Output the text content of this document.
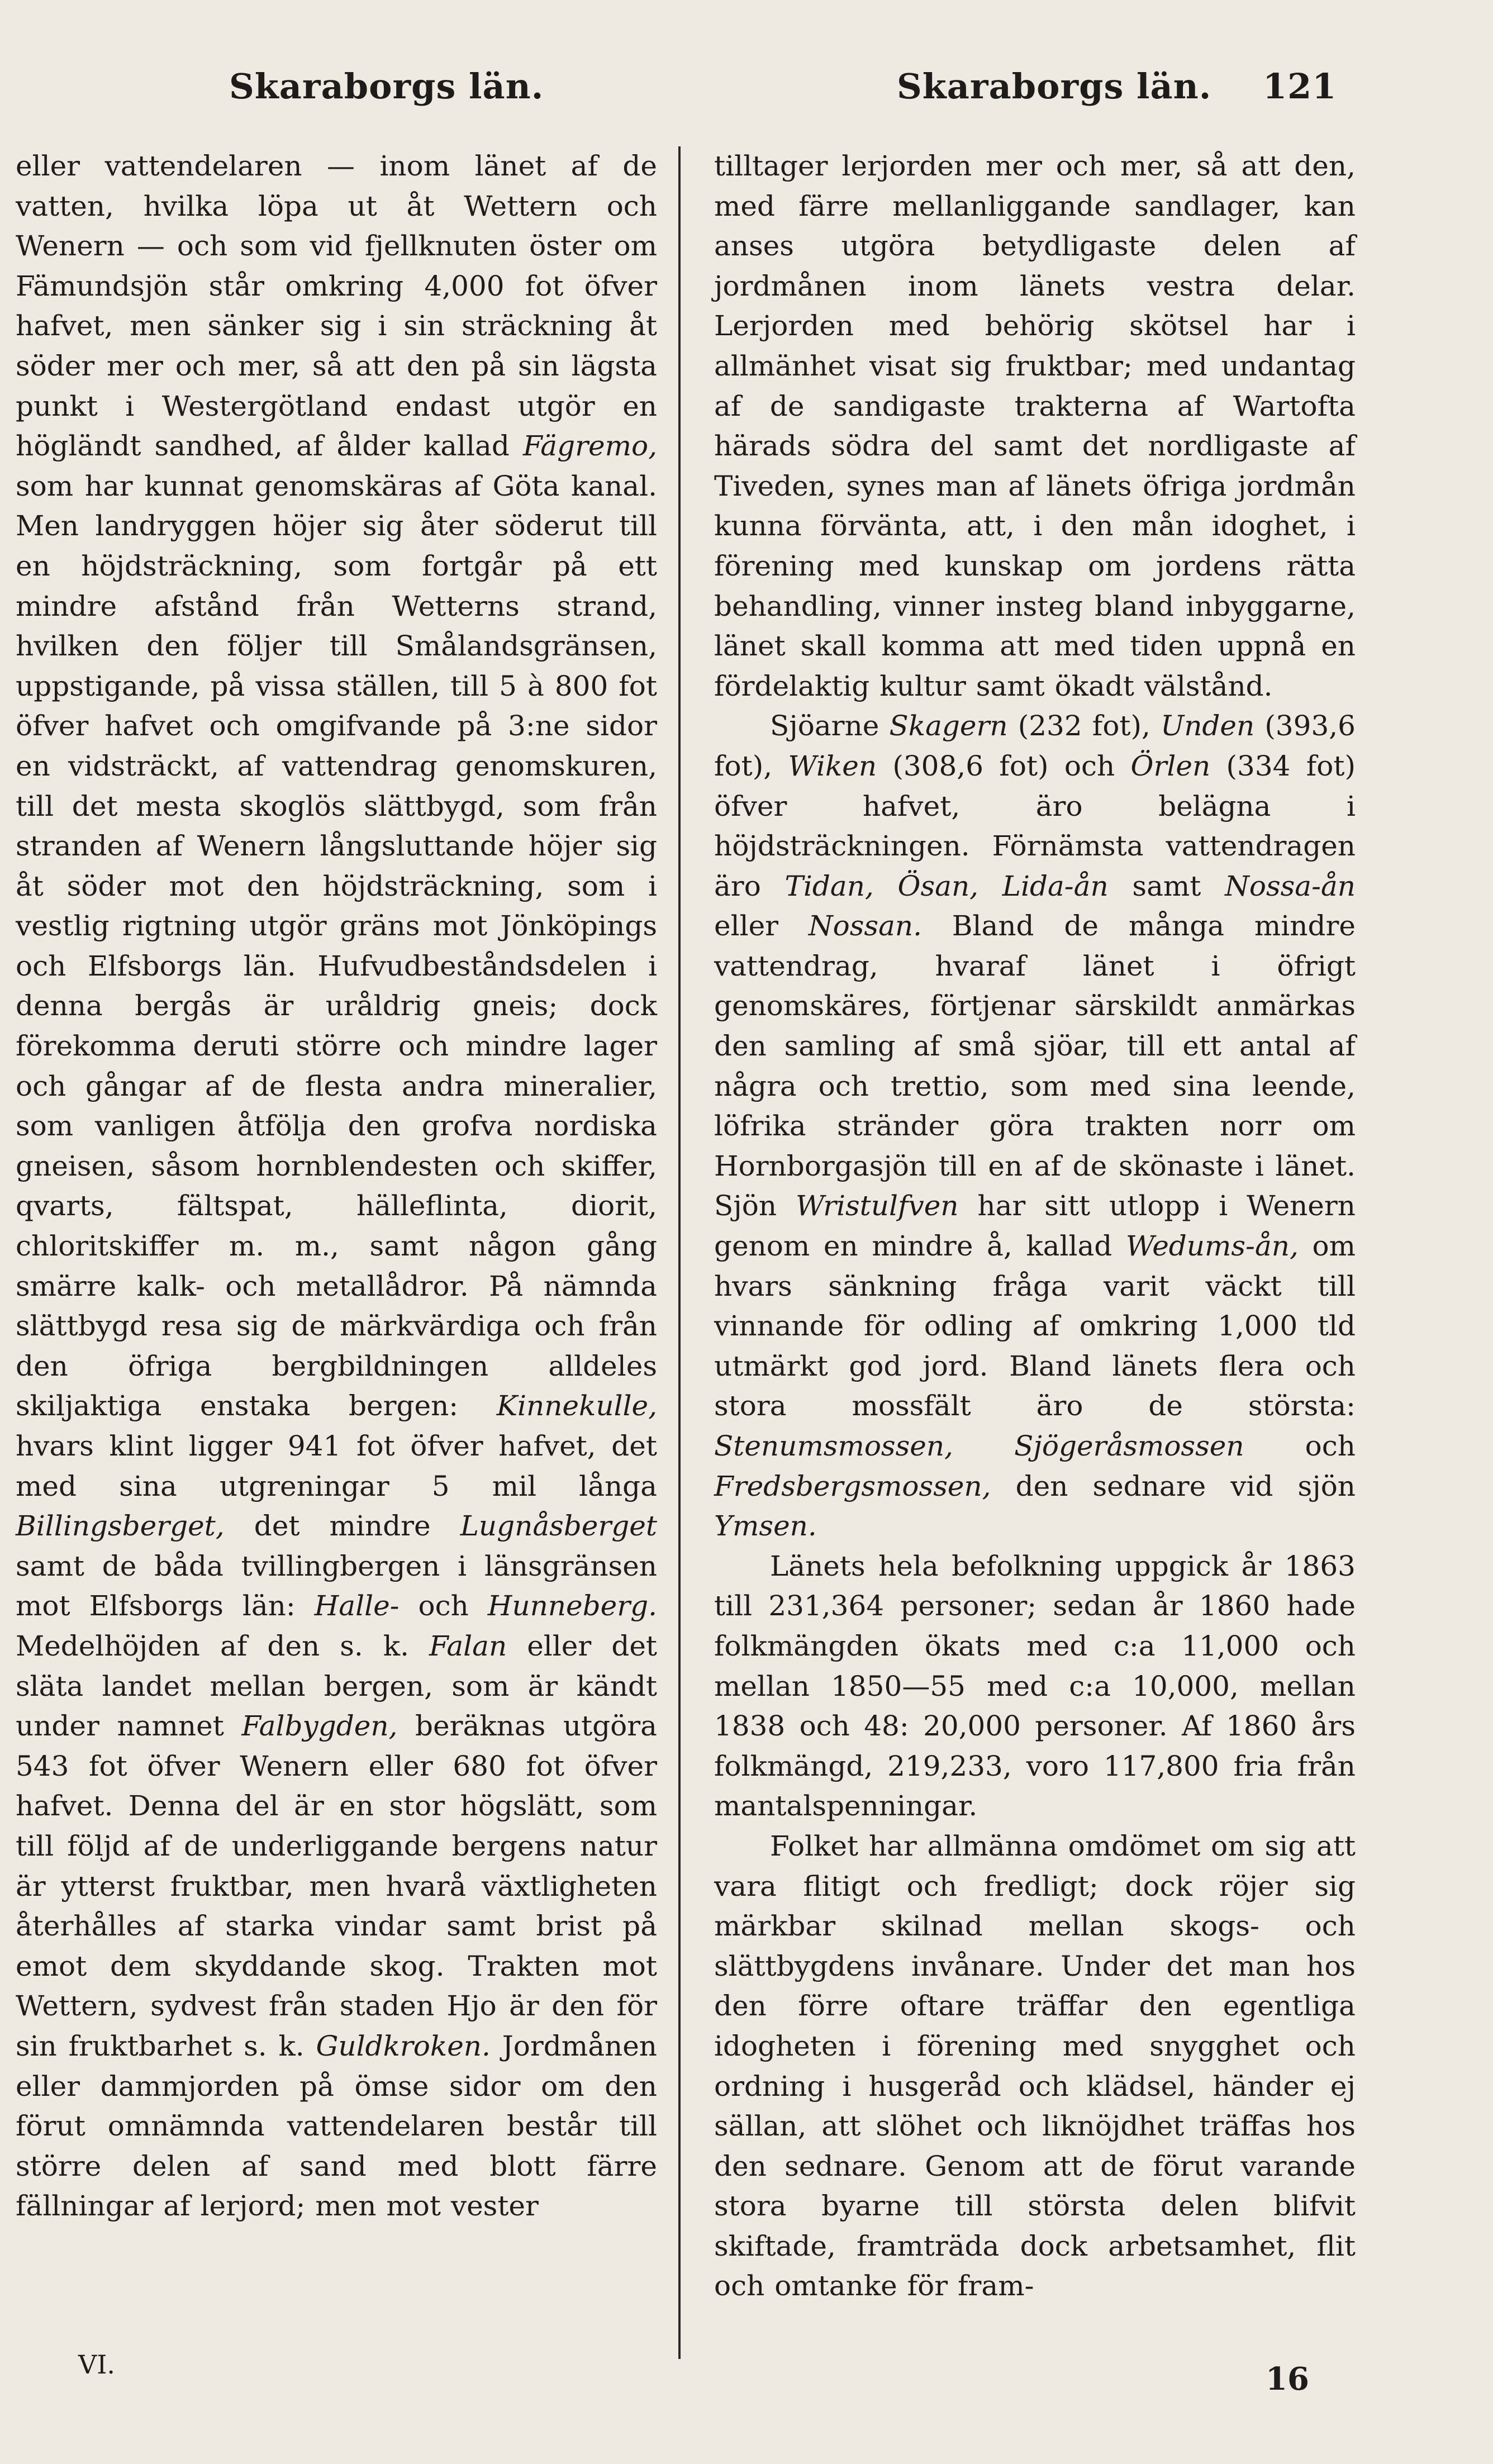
Skaraborgs län.	Skaraborgs län. 121

eller vattendelaren — inom länet af de vatten, hvilka löpa ut åt Wettern och Wenern — och som vid fjellknuten öster om Fämundsjön står omkring 4,000 fot öfver hafvet, men sänker sig i sin sträckning åt söder mer och mer, så att den på sin lägsta punkt i Westergötland endast utgör en högländt sandhed, af ålder kallad Fägremo, som har kunnat genomskäras af Göta kanal. Men landryggen höjer sig åter söderut till en höjdsträckning, som fortgår på ett mindre afstånd från Wetterns strand, hvilken den följer till Smålandsgränsen, uppstigande, på vissa ställen, till 5 à 800 fot öfver hafvet och omgifvande på 3:ne sidor en vidsträckt, af vattendrag genomskuren, till det mesta skoglös slättbygd, som från stranden af Wenern långsluttande höjer sig åt söder mot den höjdsträckning, som i vestlig rigtning utgör gräns mot Jönköpings och Elfsborgs län. Hufvudbeståndsdelen i denna bergås är uråldrig gneis; dock förekomma deruti större och mindre lager och gångar af de flesta andra mineralier, som vanligen åtfölja den grofva nordiska gneisen, såsom hornblendesten och skiffer, qvarts, fältspat, hälleflinta, diorit, chloritskiffer m. m., samt någon gång smärre kalk- och metallådror. På nämnda slättbygd resa sig de märkvärdiga och från den öfriga bergbildningen alldeles skiljaktiga enstaka bergen: Kinnekulle, hvars klint ligger 941 fot öfver hafvet, det med sina utgreningar 5 mil långa Billingsberget, det mindre Lugnåsberget samt de båda tvillingbergen i länsgränsen mot Elfsborgs län: Halle- och Hunneberg. Medelhöjden af den s. k. Falan eller det släta landet mellan bergen, som är kändt under namnet Falbygden, beräknas utgöra 543 fot öfver Wenern eller 680 fot öfver hafvet. Denna del är en stor högslätt, som till följd af de underliggande bergens natur är ytterst fruktbar, men hvarå växtligheten återhålles af starka vindar samt brist på emot dem skyddande skog. Trakten mot Wettern, sydvest från staden Hjo är den för sin fruktbarhet s. k. Guldkroken. Jordmånen eller dammjorden på ömse sidor om den förut omnämnda vattendelaren består till större delen af sand med blott färre fällningar af lerjord; men mot vester

tilltager lerjorden mer och mer, så att den, med färre mellanliggande sandlager, kan anses utgöra betydligaste delen af jordmånen inom länets vestra delar. Lerjorden med behörig skötsel har i allmänhet visat sig fruktbar; med undantag af de sandigaste trakterna af Wartofta härads södra del samt det nordligaste af Tiveden, synes man af länets öfriga jordmån kunna förvänta, att, i den mån idoghet, i förening med kunskap om jordens rätta behandling, vinner insteg bland inbyggarne, länet skall komma att med tiden uppnå en fördelaktig kultur samt ökadt välstånd.

Sjöarne Skagern (232 fot), Unden (393,6 fot), Wiken (308,6 fot) och Örlen (334 fot) öfver hafvet, äro belägna i höjdsträckningen. Förnämsta vattendragen äro Tidan, Ösan, Lida-ån samt Nossa-ån eller Nossan. Bland de många mindre vattendrag, hvaraf länet i öfrigt genomskäres, förtjenar särskildt anmärkas den samling af små sjöar, till ett antal af några och trettio, som med sina leende, löfrika stränder göra trakten norr om Hornborgasjön till en af de skönaste i länet. Sjön Wristulfven har sitt utlopp i Wenern genom en mindre å, kallad Wedums-ån, om hvars sänkning fråga varit väckt till vinnande för odling af omkring 1,000 tld utmärkt god jord. Bland länets flera och stora mossfält äro de största: Stenumsmossen, Sjögeråsmossen och Fredsbergsmossen, den sednare vid sjön Ymsen.

Länets hela befolkning uppgick år 1863 till 231,364 personer; sedan år 1860 hade folkmängden ökats med c:a 11,000 och mellan 1850—55 med c:a 10,000, mellan 1838 och 48: 20,000 personer. Af 1860 års folkmängd, 219,233, voro 117,800 fria från mantalspenningar.

Folket har allmänna omdömet om sig att vara flitigt och fredligt; dock röjer sig märkbar skilnad mellan skogs- och slättbygdens invånare. Under det man hos den förre oftare träffar den egentliga idogheten i förening med snygghet och ordning i husgeråd och klädsel, händer ej sällan, att slöhet och liknöjdhet träffas hos den sednare. Genom att de förut varande stora byarne till största delen blifvit skiftade, framträda dock arbetsamhet, flit och omtanke för fram-

VI.	16
